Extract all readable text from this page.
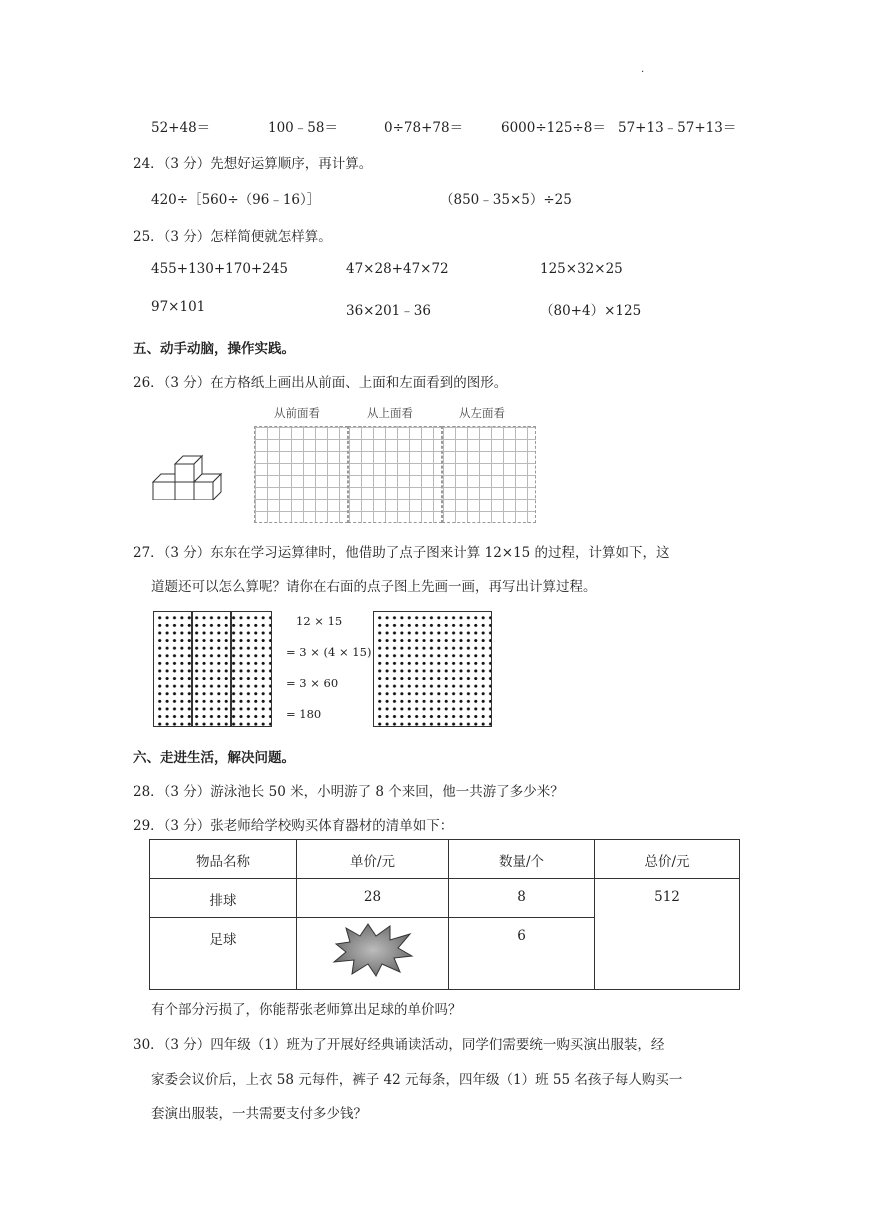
.
52+48＝	100﹣58＝	0÷78+78＝	6000÷125÷8＝ 57+13﹣57+13＝
24．（3 分）先想好运算顺序，再计算。
420÷［560÷（96﹣16）］	（850﹣35×5）÷25
25．（3 分）怎样简便就怎样算。
455+130+170+245	47×28+47×72	125×32×25
97×101	36×201﹣36	（80+4）×125
五、动手动脑，操作实践。
26．（3 分）在方格纸上画出从前面、上面和左面看到的图形。
从前面看	从上面看	从左面看
27．（3 分）东东在学习运算律时，他借助了点子图来计算 12×15 的过程，计算如下，这
道题还可以怎么算呢？请你在右面的点子图上先画一画，再写出计算过程。
12 × 15
= 3 × (4 × 15)
= 3 × 60
= 180
六、走进生活，解决问题。
28．（3 分）游泳池长 50 米，小明游了 8 个来回，他一共游了多少米？
29．（3 分）张老师给学校购买体育器材的清单如下：
物品名称	单价/元	数量/个	总价/元
排球	28	8	512
足球		6	
有个部分污损了，你能帮张老师算出足球的单价吗？
30．（3 分）四年级（1）班为了开展好经典诵读活动，同学们需要统一购买演出服装，经
家委会议价后，上衣 58 元每件，裤子 42 元每条，四年级（1）班 55 名孩子每人购买一
套演出服装，一共需要支付多少钱？
